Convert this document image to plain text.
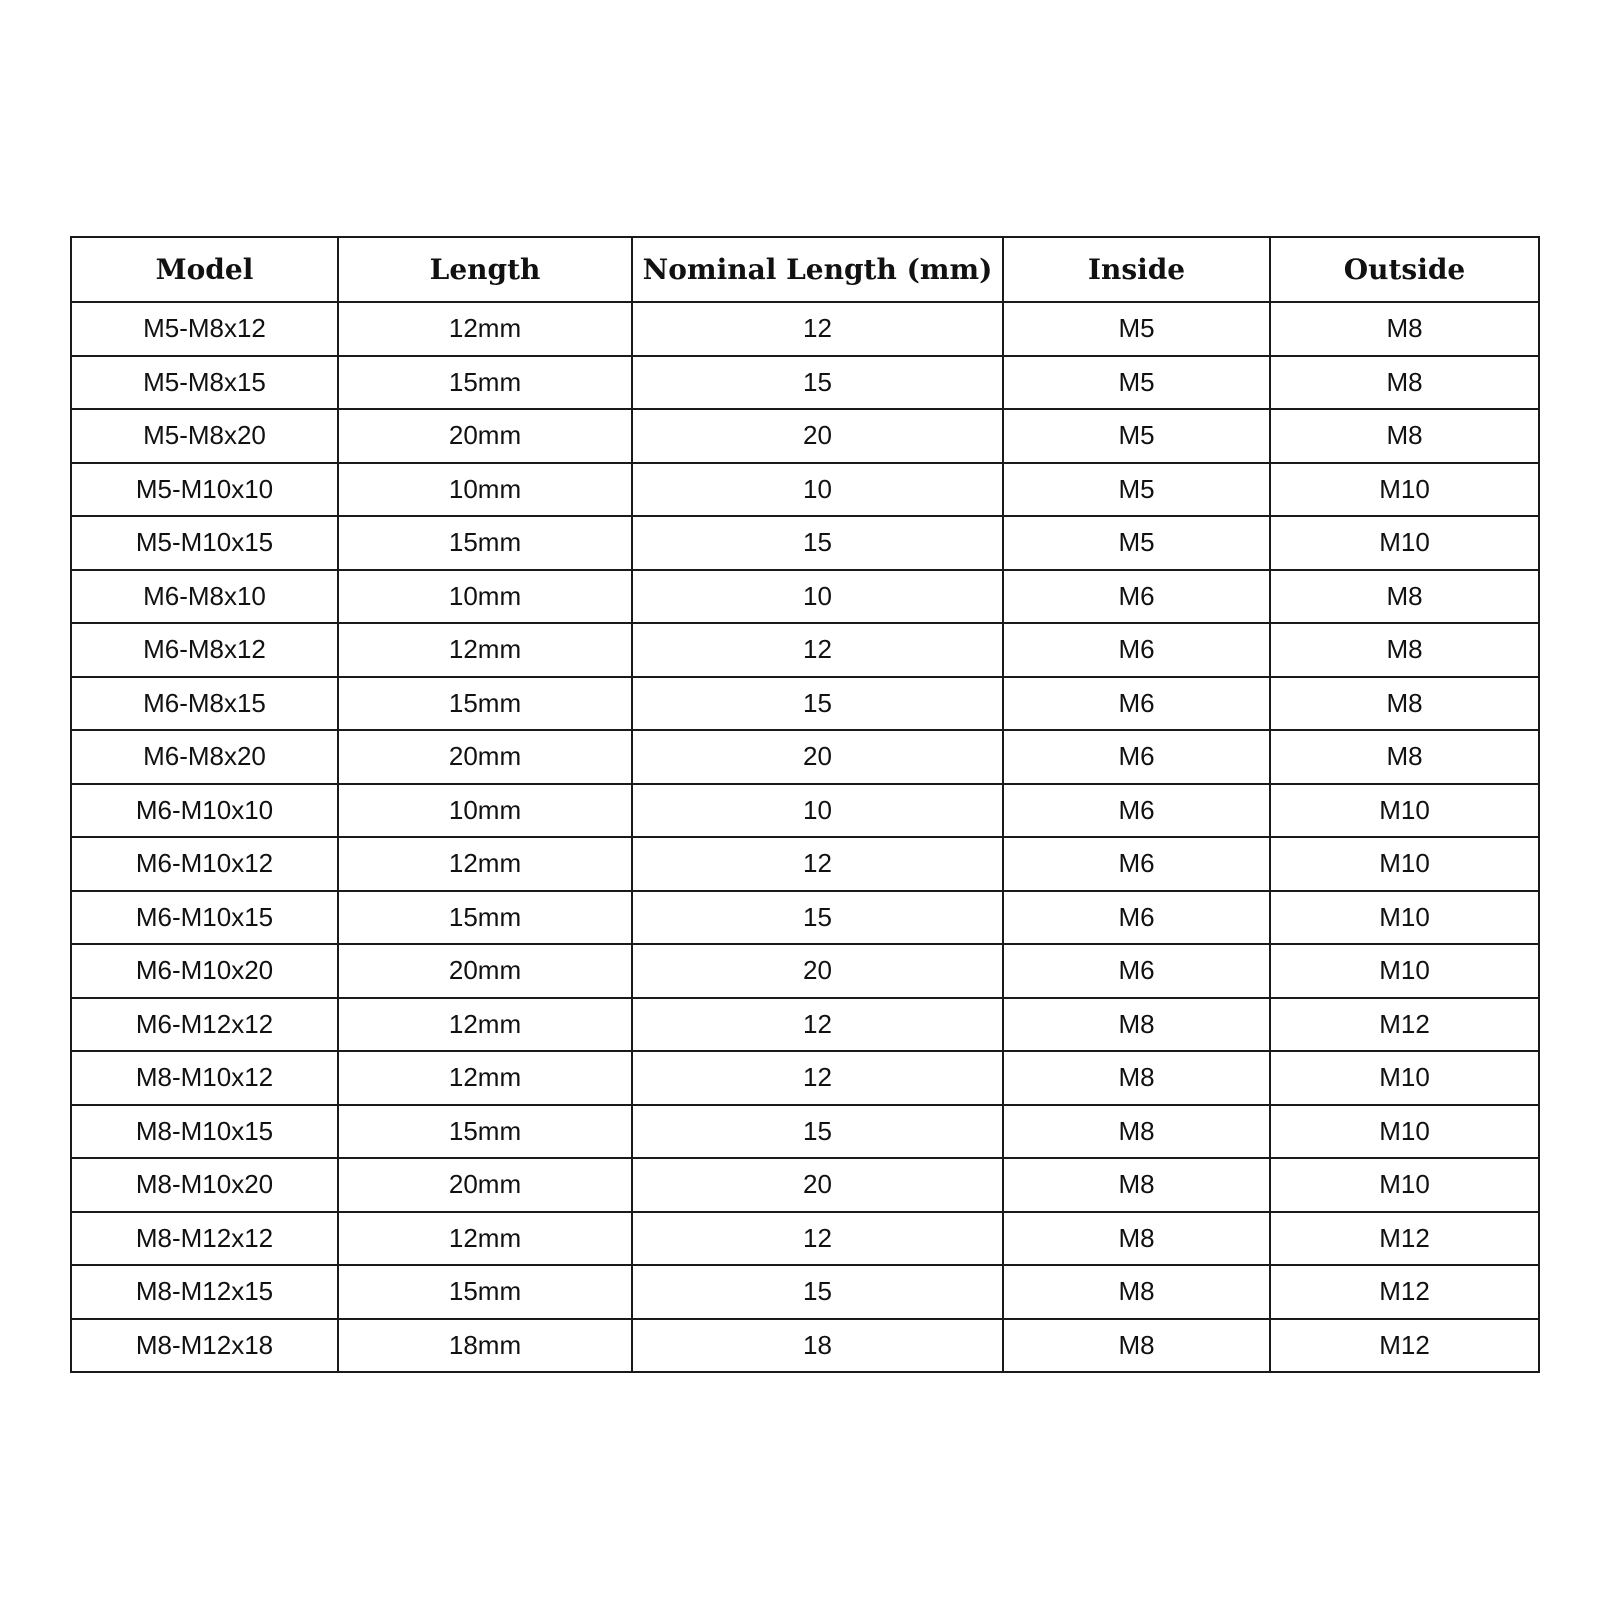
Model	Length	Nominal Length (mm)	Inside	Outside
M5-M8x12	12mm	12	M5	M8
M5-M8x15	15mm	15	M5	M8
M5-M8x20	20mm	20	M5	M8
M5-M10x10	10mm	10	M5	M10
M5-M10x15	15mm	15	M5	M10
M6-M8x10	10mm	10	M6	M8
M6-M8x12	12mm	12	M6	M8
M6-M8x15	15mm	15	M6	M8
M6-M8x20	20mm	20	M6	M8
M6-M10x10	10mm	10	M6	M10
M6-M10x12	12mm	12	M6	M10
M6-M10x15	15mm	15	M6	M10
M6-M10x20	20mm	20	M6	M10
M6-M12x12	12mm	12	M8	M12
M8-M10x12	12mm	12	M8	M10
M8-M10x15	15mm	15	M8	M10
M8-M10x20	20mm	20	M8	M10
M8-M12x12	12mm	12	M8	M12
M8-M12x15	15mm	15	M8	M12
M8-M12x18	18mm	18	M8	M12
